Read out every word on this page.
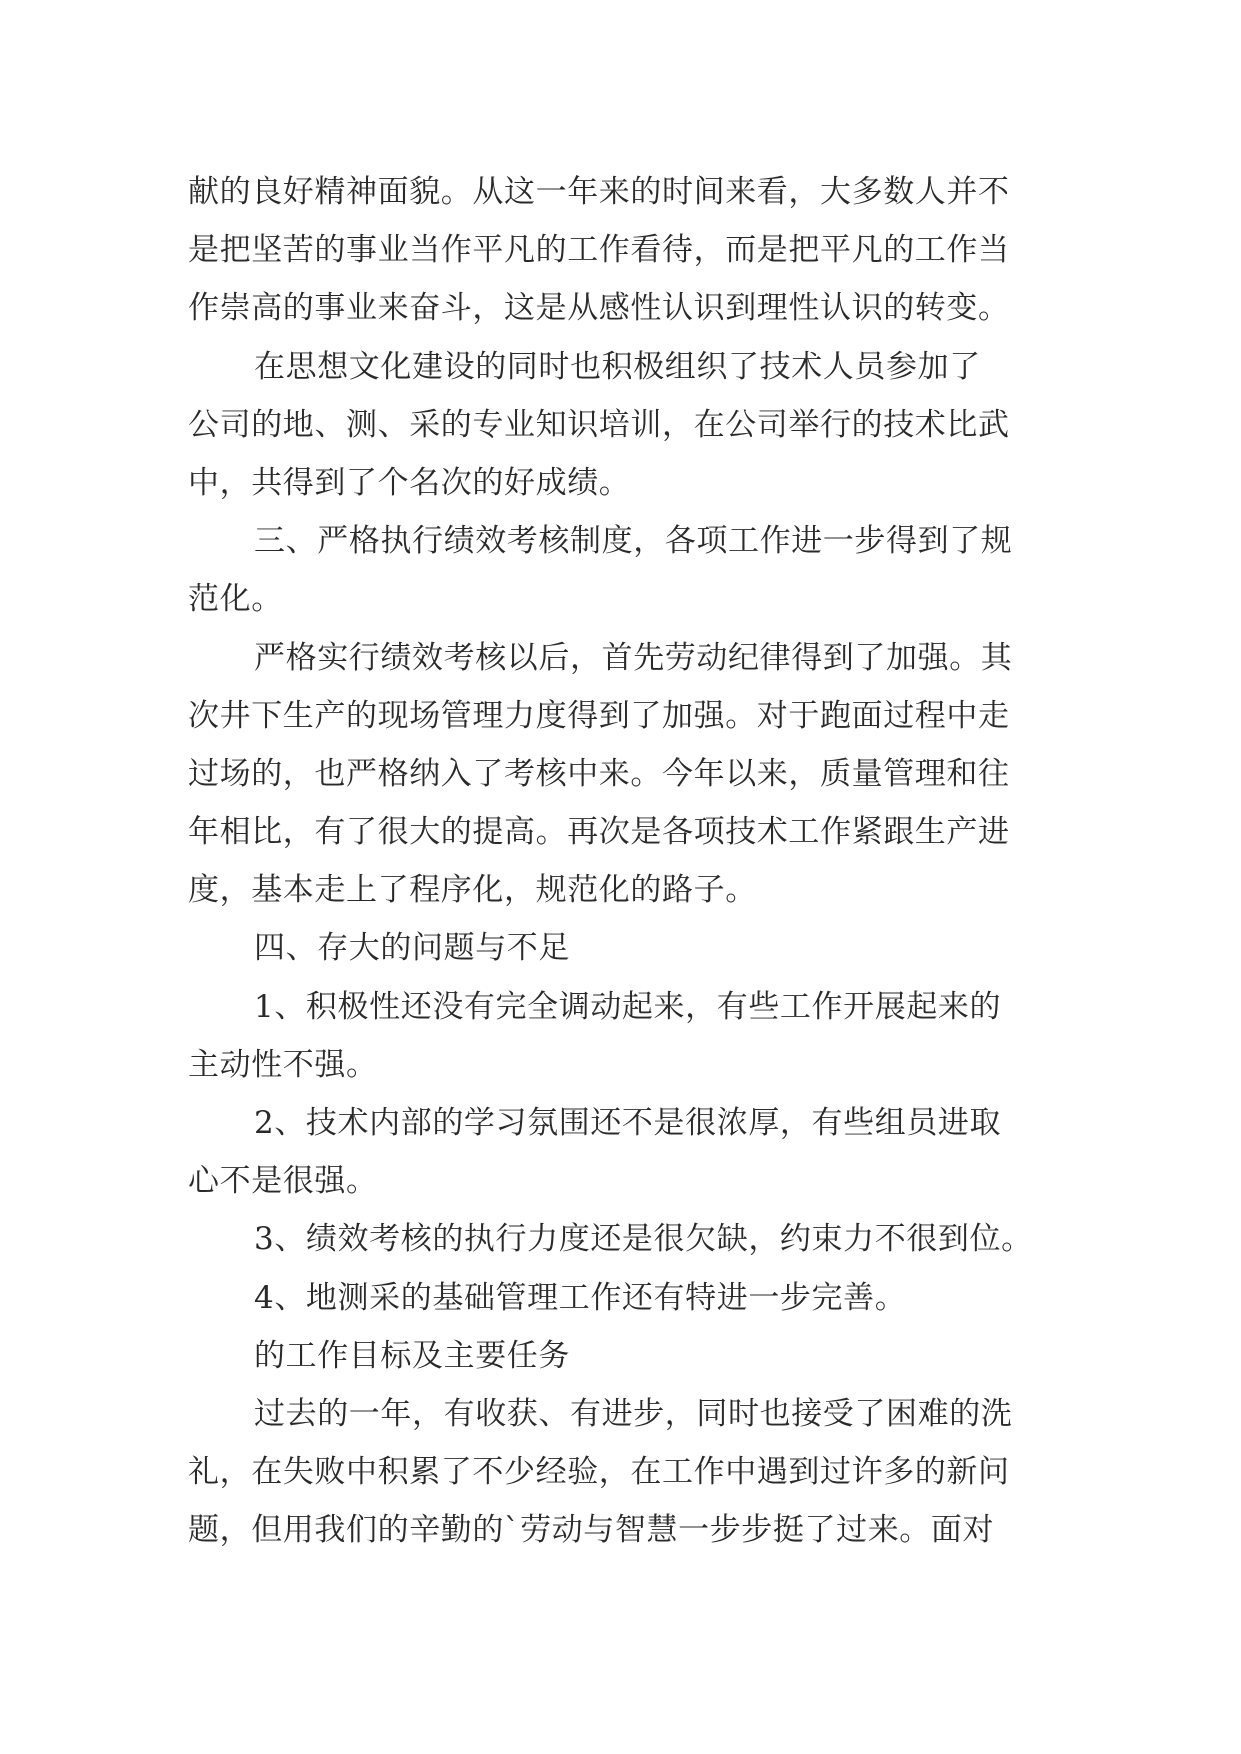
献的良好精神面貌。从这一年来的时间来看，大多数人并不
是把坚苦的事业当作平凡的工作看待，而是把平凡的工作当
作崇高的事业来奋斗，这是从感性认识到理性认识的转变。
在思想文化建设的同时也积极组织了技术人员参加了
公司的地、测、采的专业知识培训，在公司举行的技术比武
中，共得到了个名次的好成绩。
三、严格执行绩效考核制度，各项工作进一步得到了规
范化。
严格实行绩效考核以后，首先劳动纪律得到了加强。其
次井下生产的现场管理力度得到了加强。对于跑面过程中走
过场的，也严格纳入了考核中来。今年以来，质量管理和往
年相比，有了很大的提高。再次是各项技术工作紧跟生产进
度，基本走上了程序化，规范化的路子。
四、存大的问题与不足
1、积极性还没有完全调动起来，有些工作开展起来的
主动性不强。
2、技术内部的学习氛围还不是很浓厚，有些组员进取
心不是很强。
3、绩效考核的执行力度还是很欠缺，约束力不很到位。
4、地测采的基础管理工作还有特进一步完善。
的工作目标及主要任务
过去的一年，有收获、有进步，同时也接受了困难的洗
礼，在失败中积累了不少经验，在工作中遇到过许多的新问
题，但用我们的辛勤的`劳动与智慧一步步挺了过来。面对
